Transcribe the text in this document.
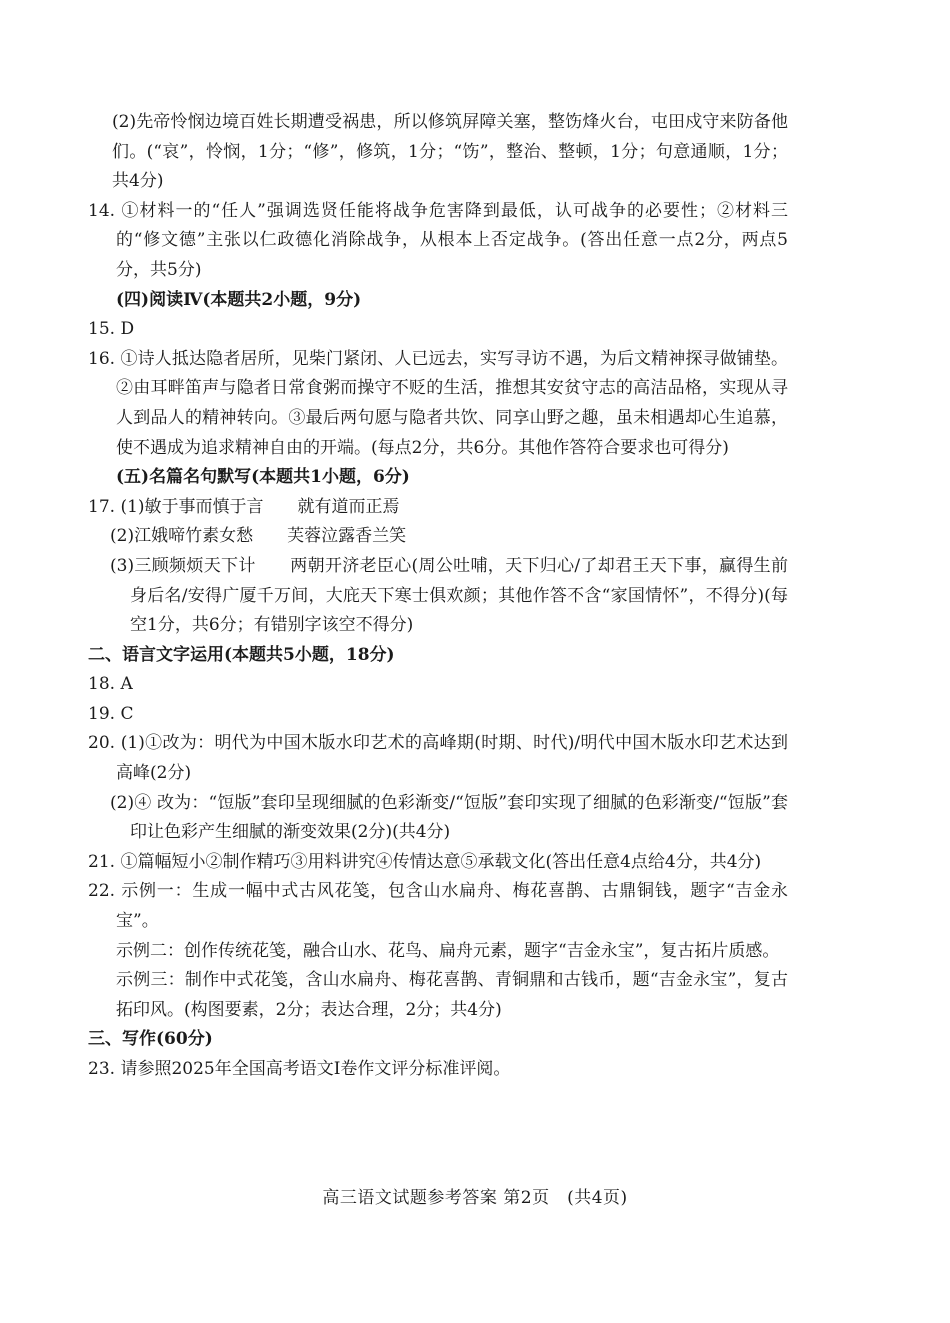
(2)先帝怜悯边境百姓长期遭受祸患，所以修筑屏障关塞，整饬烽火台，屯田戍守来防备他们。(“哀”，怜悯，1分；“修”，修筑，1分；“饬”，整治、整顿，1分；句意通顺，1分；共4分)

14. ①材料一的“任人”强调选贤任能将战争危害降到最低，认可战争的必要性；②材料三的“修文德”主张以仁政德化消除战争，从根本上否定战争。(答出任意一点2分，两点5分，共5分)

(四)阅读Ⅳ(本题共2小题，9分)

15. D

16. ①诗人抵达隐者居所，见柴门紧闭、人已远去，实写寻访不遇，为后文精神探寻做铺垫。②由耳畔笛声与隐者日常食粥而操守不贬的生活，推想其安贫守志的高洁品格，实现从寻人到品人的精神转向。③最后两句愿与隐者共饮、同享山野之趣，虽未相遇却心生追慕，使不遇成为追求精神自由的开端。(每点2分，共6分。其他作答符合要求也可得分)

(五)名篇名句默写(本题共1小题，6分)

17. (1)敏于事而慎于言　　就有道而正焉

(2)江娥啼竹素女愁　　芙蓉泣露香兰笑

(3)三顾频烦天下计　　两朝开济老臣心(周公吐哺，天下归心/了却君王天下事，赢得生前身后名/安得广厦千万间，大庇天下寒士俱欢颜；其他作答不含“家国情怀”，不得分)(每空1分，共6分；有错别字该空不得分)

二、语言文字运用(本题共5小题，18分)

18. A

19. C

20. (1)①改为：明代为中国木版水印艺术的高峰期(时期、时代)/明代中国木版水印艺术达到高峰(2分)

(2)④ 改为：“饾版”套印呈现细腻的色彩渐变/“饾版”套印实现了细腻的色彩渐变/“饾版”套印让色彩产生细腻的渐变效果(2分)(共4分)

21. ①篇幅短小②制作精巧③用料讲究④传情达意⑤承载文化(答出任意4点给4分，共4分)

22. 示例一：生成一幅中式古风花笺，包含山水扁舟、梅花喜鹊、古鼎铜钱，题字“吉金永宝”。

示例二：创作传统花笺，融合山水、花鸟、扁舟元素，题字“吉金永宝”，复古拓片质感。

示例三：制作中式花笺，含山水扁舟、梅花喜鹊、青铜鼎和古钱币，题“吉金永宝”，复古拓印风。(构图要素，2分；表达合理，2分；共4分)

三、写作(60分)

23. 请参照2025年全国高考语文Ⅰ卷作文评分标准评阅。

高三语文试题参考答案 第2页　(共4页)
